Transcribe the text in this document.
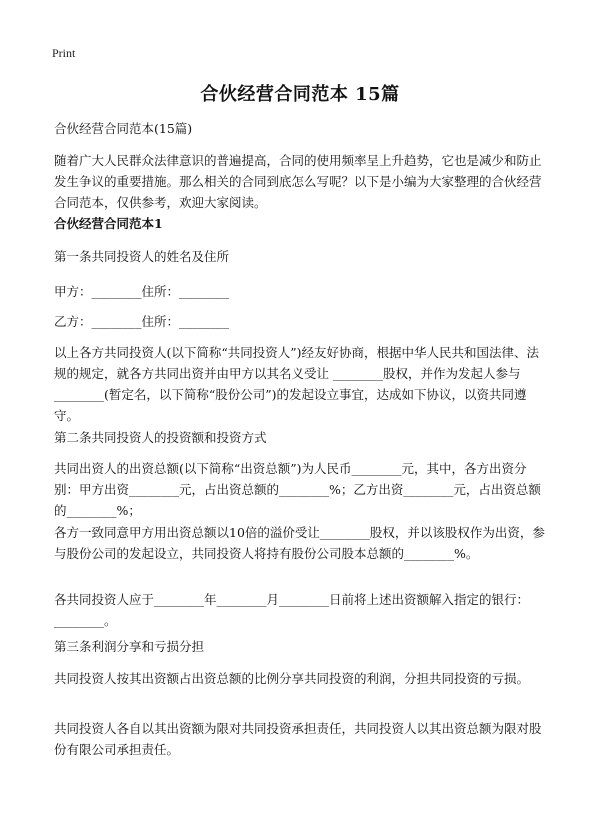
Print
合伙经营合同范本 15篇

合伙经营合同范本(15篇)

随着广大人民群众法律意识的普遍提高，合同的使用频率呈上升趋势，它也是减少和防止发生争议的重要措施。那么相关的合同到底怎么写呢？以下是小编为大家整理的合伙经营合同范本，仅供参考，欢迎大家阅读。

合伙经营合同范本1

第一条共同投资人的姓名及住所

甲方：________住所：________

乙方：________住所：________

以上各方共同投资人(以下简称“共同投资人”)经友好协商，根据中华人民共和国法律、法规的规定，就各方共同出资并由甲方以其名义受让 ________股权，并作为发起人参与________(暂定名，以下简称“股份公司”)的发起设立事宜，达成如下协议，以资共同遵守。

第二条共同投资人的投资额和投资方式

共同出资人的出资总额(以下简称“出资总额”)为人民币________元，其中，各方出资分别：甲方出资________元，占出资总额的________%；乙方出资________元，占出资总额的________%；

各方一致同意甲方用出资总额以10倍的溢价受让________股权，并以该股权作为出资，参与股份公司的发起设立，共同投资人将持有股份公司股本总额的________%。

各共同投资人应于________年________月________日前将上述出资额解入指定的银行：________。

第三条利润分享和亏损分担

共同投资人按其出资额占出资总额的比例分享共同投资的利润，分担共同投资的亏损。

共同投资人各自以其出资额为限对共同投资承担责任，共同投资人以其出资总额为限对股份有限公司承担责任。
